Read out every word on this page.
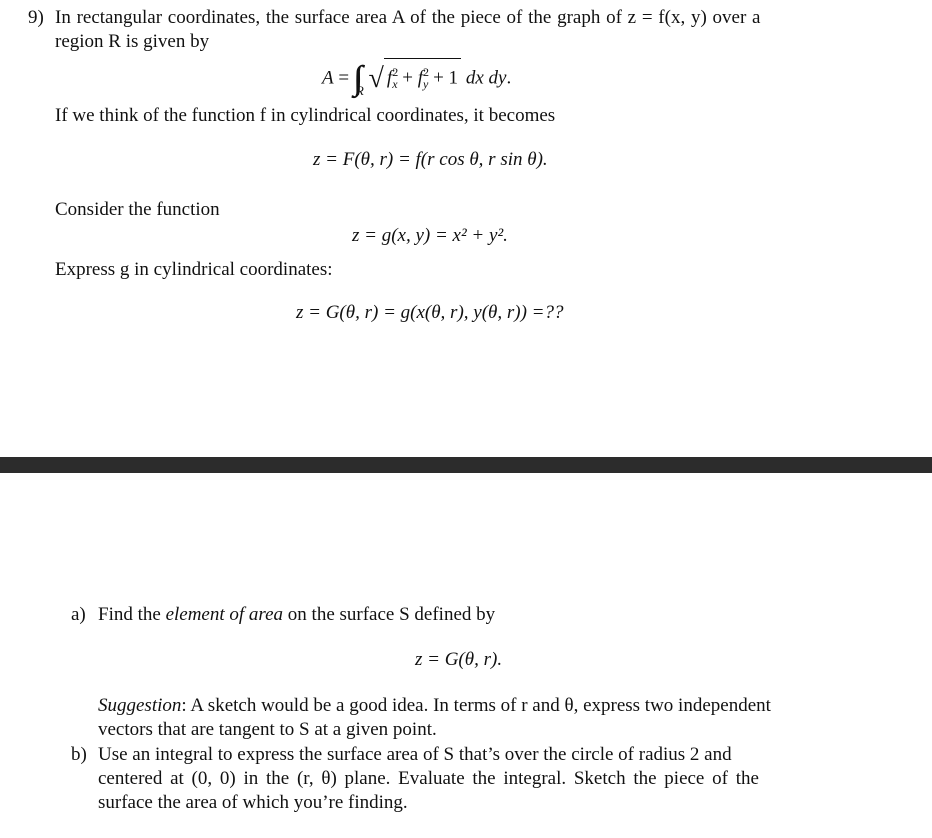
9) In rectangular coordinates, the surface area A of the piece of the graph of z = f(x, y) over a
region R is given by
A = $_R$ √ $f^2_x + f^2_y + 1$ dx dy.
If we think of the function f in cylindrical coordinates, it becomes
z = F(θ, r) = f(r cos θ, r sin θ).
Consider the function
z = g(x, y) = x² + y².
Express g in cylindrical coordinates:
z = G(θ, r) = g(x(θ, r), y(θ, r)) =??
a) Find the element of area on the surface S defined by
z = G(θ, r).
Suggestion: A sketch would be a good idea. In terms of r and θ, express two independent
vectors that are tangent to S at a given point.
b) Use an integral to express the surface area of S that’s over the circle of radius 2 and
centered at (0, 0) in the (r, θ) plane. Evaluate the integral. Sketch the piece of the
surface the area of which you’re finding.
